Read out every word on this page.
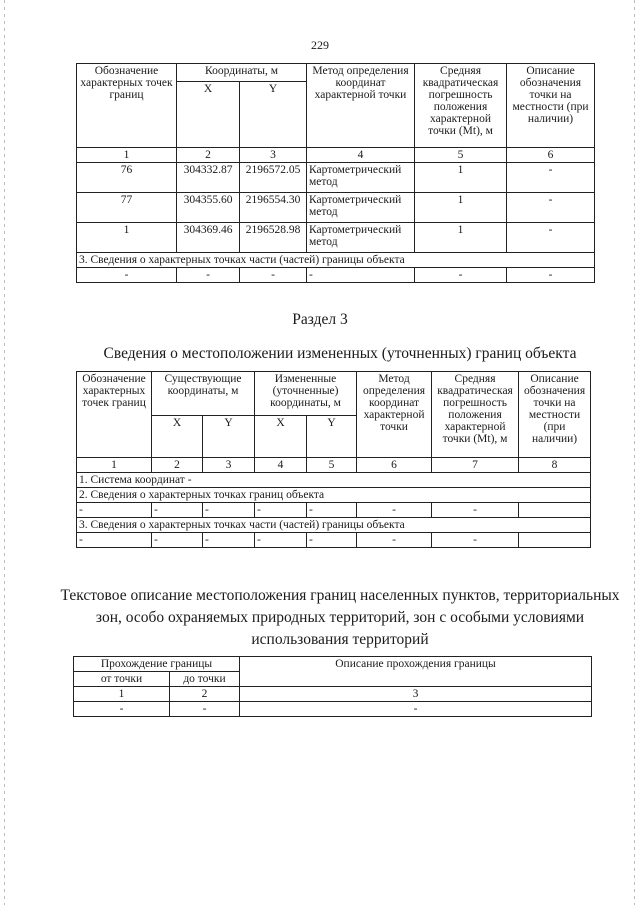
229
Обозначение характерных точек границ	Координаты, м		Метод определения координат характерной точки	Средняя квадратическая погрешность положения характерной точки (Мt), м	Описание обозначения точки на местности (при наличии)
	X	Y			
1	2	3	4	5	6
76	304332.87	2196572.05	Картометрический метод	1	-
77	304355.60	2196554.30	Картометрический метод	1	-
1	304369.46	2196528.98	Картометрический метод	1	-
3. Сведения о характерных точках части (частей) границы объекта					
-	-	-	-	-	-
Раздел 3
Сведения о местоположении измененных (уточненных) границ объекта
Обозначение характерных точек границ	Существующие координаты, м		Измененные (уточненные) координаты, м		Метод определения координат характерной точки	Средняя квадратическая погрешность положения характерной точки (Мt), м	Описание обозначения точки на местности (при наличии)
	X	Y	X	Y			
1	2	3	4	5	6	7	8
1. Система координат -							
2. Сведения о характерных точках границ объекта							
-	-	-	-	-	-	-	
3. Сведения о характерных точках части (частей) границы объекта							
-	-	-	-	-	-	-	
Текстовое описание местоположения границ населенных пунктов, территориальных зон, особо охраняемых природных территорий, зон с особыми условиями использования территорий
Прохождение границы		Описание прохождения границы
от точки	до точки	
1	2	3
-	-	-
